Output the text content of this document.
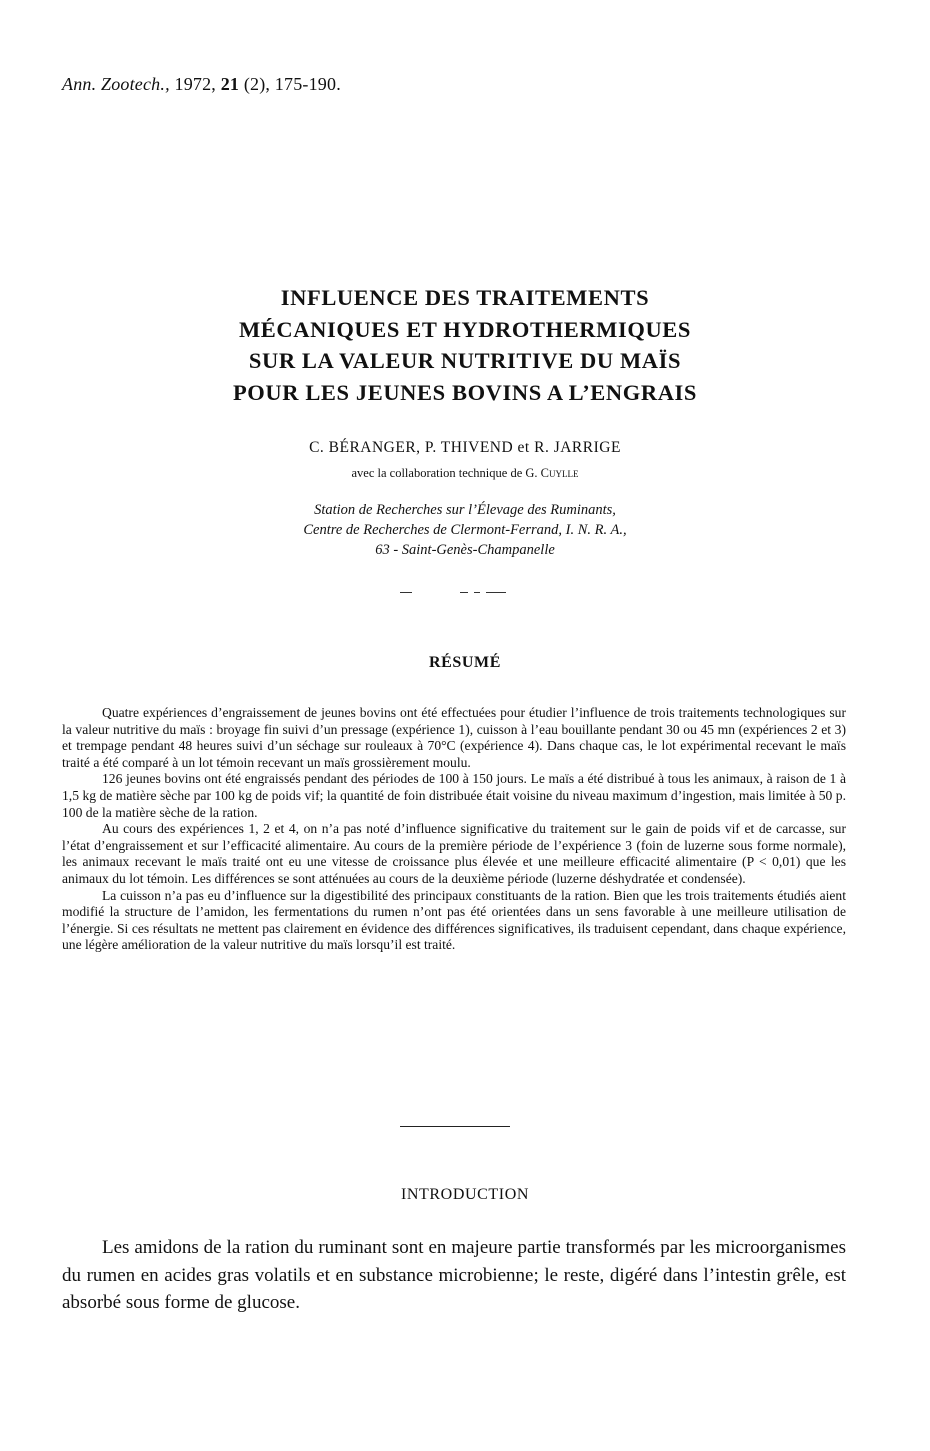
Ann. Zootech., 1972, 21 (2), 175-190.
INFLUENCE DES TRAITEMENTS
MÉCANIQUES ET HYDROTHERMIQUES
SUR LA VALEUR NUTRITIVE DU MAÏS
POUR LES JEUNES BOVINS A L’ENGRAIS
C. BÉRANGER, P. THIVEND et R. JARRIGE
avec la collaboration technique de G. Cuylle
Station de Recherches sur l’Élevage des Ruminants,
Centre de Recherches de Clermont-Ferrand, I. N. R. A.,
63 - Saint-Genès-Champanelle
RÉSUMÉ

Quatre expériences d’engraissement de jeunes bovins ont été effectuées pour étudier l’influence de trois traitements technologiques sur la valeur nutritive du maïs : broyage fin suivi d’un pressage (expérience 1), cuisson à l’eau bouillante pendant 30 ou 45 mn (expériences 2 et 3) et trempage pendant 48 heures suivi d’un séchage sur rouleaux à 70°C (expérience 4). Dans chaque cas, le lot expérimental recevant le maïs traité a été comparé à un lot témoin recevant un maïs grossièrement moulu.

126 jeunes bovins ont été engraissés pendant des périodes de 100 à 150 jours. Le maïs a été distribué à tous les animaux, à raison de 1 à 1,5 kg de matière sèche par 100 kg de poids vif; la quantité de foin distribuée était voisine du niveau maximum d’ingestion, mais limitée à 50 p. 100 de la matière sèche de la ration.

Au cours des expériences 1, 2 et 4, on n’a pas noté d’influence significative du traitement sur le gain de poids vif et de carcasse, sur l’état d’engraissement et sur l’efficacité alimentaire. Au cours de la première période de l’expérience 3 (foin de luzerne sous forme normale), les animaux recevant le maïs traité ont eu une vitesse de croissance plus élevée et une meilleure efficacité alimentaire (P < 0,01) que les animaux du lot témoin. Les différences se sont atténuées au cours de la deuxième période (luzerne déshydratée et condensée).

La cuisson n’a pas eu d’influence sur la digestibilité des principaux constituants de la ration. Bien que les trois traitements étudiés aient modifié la structure de l’amidon, les fermentations du rumen n’ont pas été orientées dans un sens favorable à une meilleure utilisation de l’énergie. Si ces résultats ne mettent pas clairement en évidence des différences significatives, ils traduisent cependant, dans chaque expérience, une légère amélioration de la valeur nutritive du maïs lorsqu’il est traité.

INTRODUCTION

Les amidons de la ration du ruminant sont en majeure partie transformés par les microorganismes du rumen en acides gras volatils et en substance microbienne; le reste, digéré dans l’intestin grêle, est absorbé sous forme de glucose.
